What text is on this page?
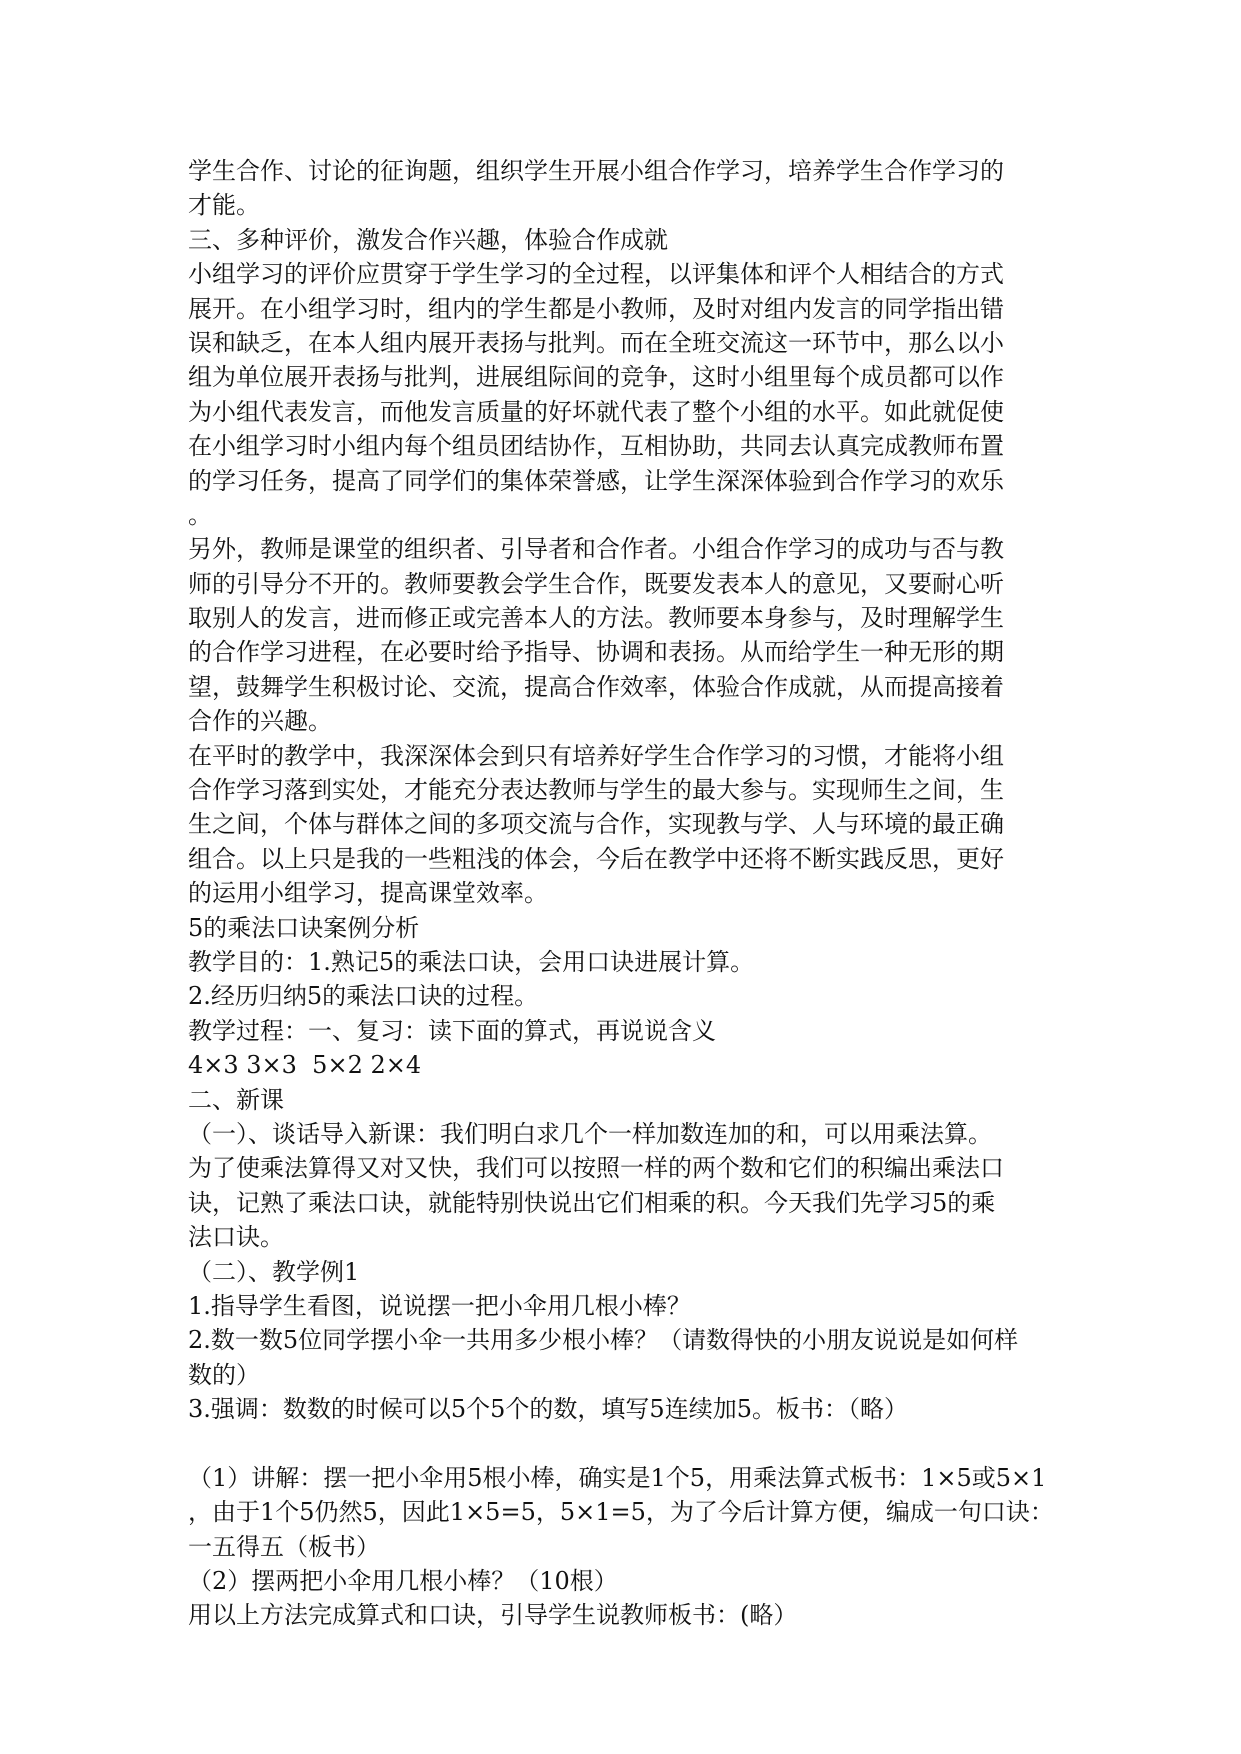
学生合作、讨论的征询题，组织学生开展小组合作学习，培养学生合作学习的
才能。
三、多种评价，激发合作兴趣，体验合作成就
小组学习的评价应贯穿于学生学习的全过程，以评集体和评个人相结合的方式
展开。在小组学习时，组内的学生都是小教师，及时对组内发言的同学指出错
误和缺乏，在本人组内展开表扬与批判。而在全班交流这一环节中，那么以小
组为单位展开表扬与批判，进展组际间的竞争，这时小组里每个成员都可以作
为小组代表发言，而他发言质量的好坏就代表了整个小组的水平。如此就促使
在小组学习时小组内每个组员团结协作，互相协助，共同去认真完成教师布置
的学习任务，提高了同学们的集体荣誉感，让学生深深体验到合作学习的欢乐
。
另外，教师是课堂的组织者、引导者和合作者。小组合作学习的成功与否与教
师的引导分不开的。教师要教会学生合作，既要发表本人的意见，又要耐心听
取别人的发言，进而修正或完善本人的方法。教师要本身参与，及时理解学生
的合作学习进程，在必要时给予指导、协调和表扬。从而给学生一种无形的期
望，鼓舞学生积极讨论、交流，提高合作效率，体验合作成就，从而提高接着
合作的兴趣。
在平时的教学中，我深深体会到只有培养好学生合作学习的习惯，才能将小组
合作学习落到实处，才能充分表达教师与学生的最大参与。实现师生之间，生
生之间，个体与群体之间的多项交流与合作，实现教与学、人与环境的最正确
组合。以上只是我的一些粗浅的体会，今后在教学中还将不断实践反思，更好
的运用小组学习，提高课堂效率。
5的乘法口诀案例分析
教学目的：1.熟记5的乘法口诀，会用口诀进展计算。
2.经历归纳5的乘法口诀的过程。
教学过程：一、复习：读下面的算式，再说说含义
4×3 3×3  5×2 2×4
二、新课
（一）、谈话导入新课：我们明白求几个一样加数连加的和，可以用乘法算。
为了使乘法算得又对又快，我们可以按照一样的两个数和它们的积编出乘法口
诀，记熟了乘法口诀，就能特别快说出它们相乘的积。今天我们先学习5的乘
法口诀。
（二）、教学例1
1.指导学生看图，说说摆一把小伞用几根小棒？
2.数一数5位同学摆小伞一共用多少根小棒？（请数得快的小朋友说说是如何样
数的）
3.强调：数数的时候可以5个5个的数，填写5连续加5。板书：（略）
（1）讲解：摆一把小伞用5根小棒，确实是1个5，用乘法算式板书：1×5或5×1
，由于1个5仍然5，因此1×5=5，5×1=5，为了今后计算方便，编成一句口诀：
一五得五（板书）
（2）摆两把小伞用几根小棒？（10根）
用以上方法完成算式和口诀，引导学生说教师板书：(略）
